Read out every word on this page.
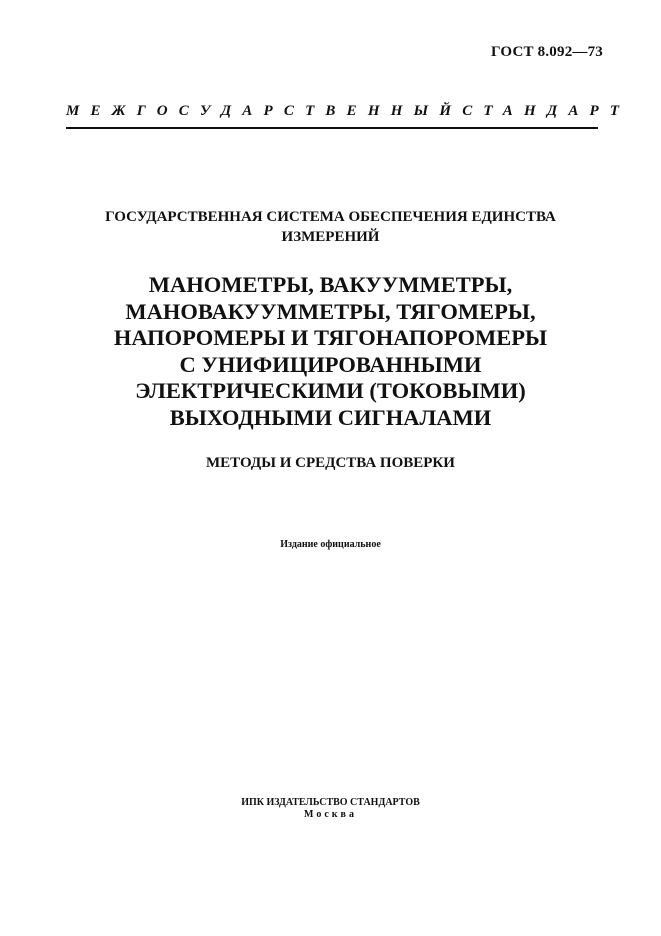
ГОСТ 8.092—73
МЕЖГОСУДАРСТВЕННЫЙ СТАНДАРТ
ГОСУДАРСТВЕННАЯ СИСТЕМА ОБЕСПЕЧЕНИЯ ЕДИНСТВА
ИЗМЕРЕНИЙ
МАНОМЕТРЫ, ВАКУУММЕТРЫ,
МАНОВАКУУММЕТРЫ, ТЯГОМЕРЫ,
НАПОРОМЕРЫ И ТЯГОНАПОРОМЕРЫ
С УНИФИЦИРОВАННЫМИ
ЭЛЕКТРИЧЕСКИМИ (ТОКОВЫМИ)
ВЫХОДНЫМИ СИГНАЛАМИ
МЕТОДЫ И СРЕДСТВА ПОВЕРКИ
Издание официальное
ИПК ИЗДАТЕЛЬСТВО СТАНДАРТОВ
Москва
